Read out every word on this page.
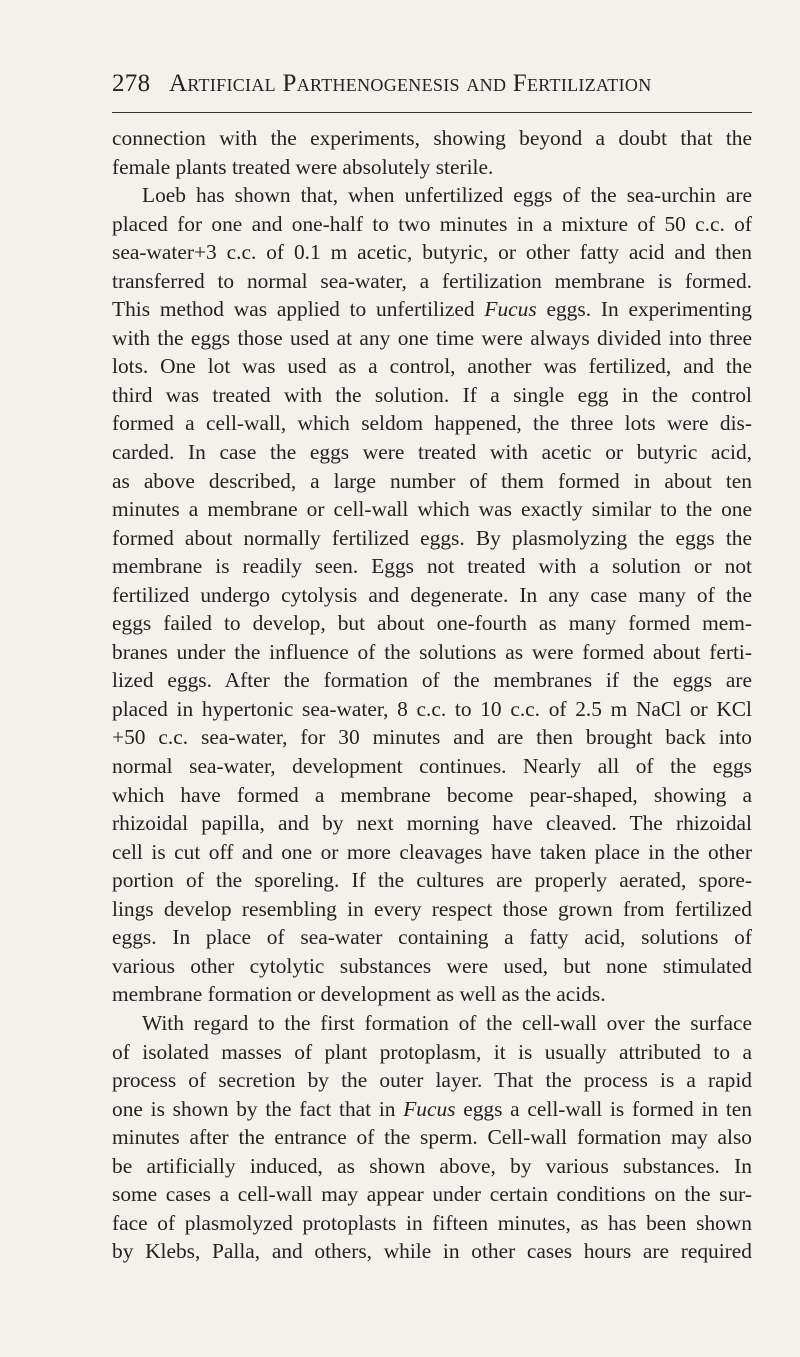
278 Artificial Parthenogenesis and Fertilization
connection with the experiments, showing beyond a doubt that the
female plants treated were absolutely sterile.
Loeb has shown that, when unfertilized eggs of the sea-urchin are
placed for one and one-half to two minutes in a mixture of 50 c.c. of
sea-water+3 c.c. of 0.1 m acetic, butyric, or other fatty acid and then
transferred to normal sea-water, a fertilization membrane is formed.
This method was applied to unfertilized Fucus eggs. In experimenting
with the eggs those used at any one time were always divided into three
lots. One lot was used as a control, another was fertilized, and the
third was treated with the solution. If a single egg in the control
formed a cell-wall, which seldom happened, the three lots were dis-
carded. In case the eggs were treated with acetic or butyric acid,
as above described, a large number of them formed in about ten
minutes a membrane or cell-wall which was exactly similar to the one
formed about normally fertilized eggs. By plasmolyzing the eggs the
membrane is readily seen. Eggs not treated with a solution or not
fertilized undergo cytolysis and degenerate. In any case many of the
eggs failed to develop, but about one-fourth as many formed mem-
branes under the influence of the solutions as were formed about ferti-
lized eggs. After the formation of the membranes if the eggs are
placed in hypertonic sea-water, 8 c.c. to 10 c.c. of 2.5 m NaCl or KCl
+50 c.c. sea-water, for 30 minutes and are then brought back into
normal sea-water, development continues. Nearly all of the eggs
which have formed a membrane become pear-shaped, showing a
rhizoidal papilla, and by next morning have cleaved. The rhizoidal
cell is cut off and one or more cleavages have taken place in the other
portion of the sporeling. If the cultures are properly aerated, spore-
lings develop resembling in every respect those grown from fertilized
eggs. In place of sea-water containing a fatty acid, solutions of
various other cytolytic substances were used, but none stimulated
membrane formation or development as well as the acids.
With regard to the first formation of the cell-wall over the surface
of isolated masses of plant protoplasm, it is usually attributed to a
process of secretion by the outer layer. That the process is a rapid
one is shown by the fact that in Fucus eggs a cell-wall is formed in ten
minutes after the entrance of the sperm. Cell-wall formation may also
be artificially induced, as shown above, by various substances. In
some cases a cell-wall may appear under certain conditions on the sur-
face of plasmolyzed protoplasts in fifteen minutes, as has been shown
by Klebs, Palla, and others, while in other cases hours are required
